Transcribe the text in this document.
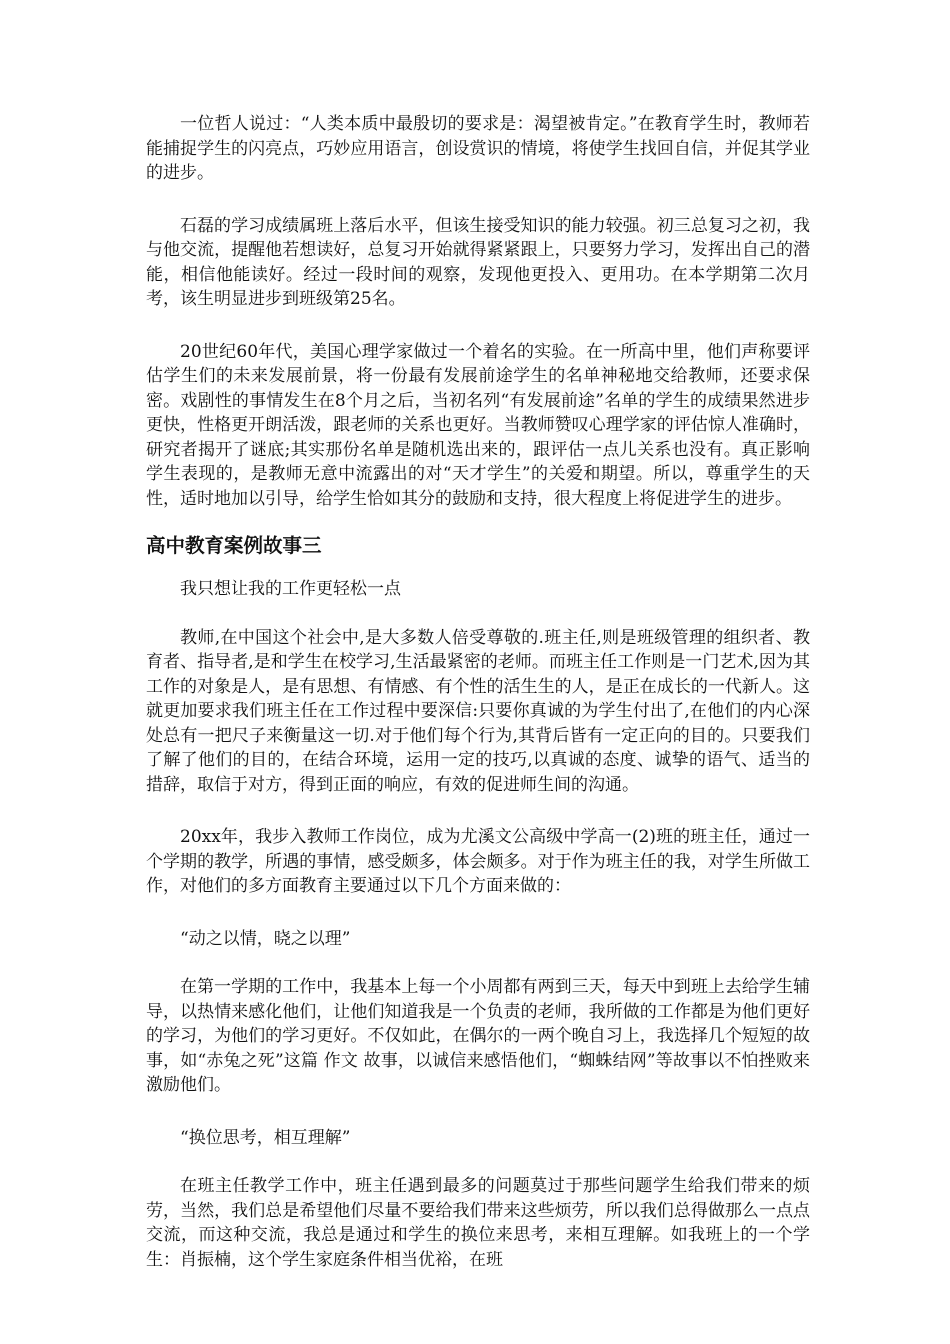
一位哲人说过：“人类本质中最殷切的要求是：渴望被肯定。”在教育学生时，教师若能捕捉学生的闪亮点，巧妙应用语言，创设赏识的情境，将使学生找回自信，并促其学业的进步。

石磊的学习成绩属班上落后水平，但该生接受知识的能力较强。初三总复习之初，我与他交流，提醒他若想读好，总复习开始就得紧紧跟上，只要努力学习，发挥出自己的潜能，相信他能读好。经过一段时间的观察，发现他更投入、更用功。在本学期第二次月考，该生明显进步到班级第25名。

20世纪60年代，美国心理学家做过一个着名的实验。在一所高中里，他们声称要评估学生们的未来发展前景，将一份最有发展前途学生的名单神秘地交给教师，还要求保密。戏剧性的事情发生在8个月之后，当初名列“有发展前途”名单的学生的成绩果然进步更快，性格更开朗活泼，跟老师的关系也更好。当教师赞叹心理学家的评估惊人准确时，研究者揭开了谜底;其实那份名单是随机选出来的，跟评估一点儿关系也没有。真正影响学生表现的，是教师无意中流露出的对“天才学生”的关爱和期望。所以，尊重学生的天性，适时地加以引导，给学生恰如其分的鼓励和支持，很大程度上将促进学生的进步。

高中教育案例故事三

我只想让我的工作更轻松一点

教师,在中国这个社会中,是大多数人倍受尊敬的.班主任,则是班级管理的组织者、教育者、指导者,是和学生在校学习,生活最紧密的老师。而班主任工作则是一门艺术,因为其工作的对象是人，是有思想、有情感、有个性的活生生的人，是正在成长的一代新人。这就更加要求我们班主任在工作过程中要深信:只要你真诚的为学生付出了,在他们的内心深处总有一把尺子来衡量这一切.对于他们每个行为,其背后皆有一定正向的目的。只要我们了解了他们的目的，在结合环境，运用一定的技巧,以真诚的态度、诚挚的语气、适当的措辞，取信于对方，得到正面的响应，有效的促进师生间的沟通。

20xx年，我步入教师工作岗位，成为尤溪文公高级中学高一(2)班的班主任，通过一个学期的教学，所遇的事情，感受颇多，体会颇多。对于作为班主任的我，对学生所做工作，对他们的多方面教育主要通过以下几个方面来做的：

“动之以情，晓之以理”

在第一学期的工作中，我基本上每一个小周都有两到三天，每天中到班上去给学生辅导，以热情来感化他们，让他们知道我是一个负责的老师，我所做的工作都是为他们更好的学习，为他们的学习更好。不仅如此，在偶尔的一两个晚自习上，我选择几个短短的故事，如“赤兔之死”这篇 作文 故事，以诚信来感悟他们，“蜘蛛结网”等故事以不怕挫败来激励他们。

“换位思考，相互理解”

在班主任教学工作中，班主任遇到最多的问题莫过于那些问题学生给我们带来的烦劳，当然，我们总是希望他们尽量不要给我们带来这些烦劳，所以我们总得做那么一点点交流，而这种交流，我总是通过和学生的换位来思考，来相互理解。如我班上的一个学生：肖振楠，这个学生家庭条件相当优裕，在班
